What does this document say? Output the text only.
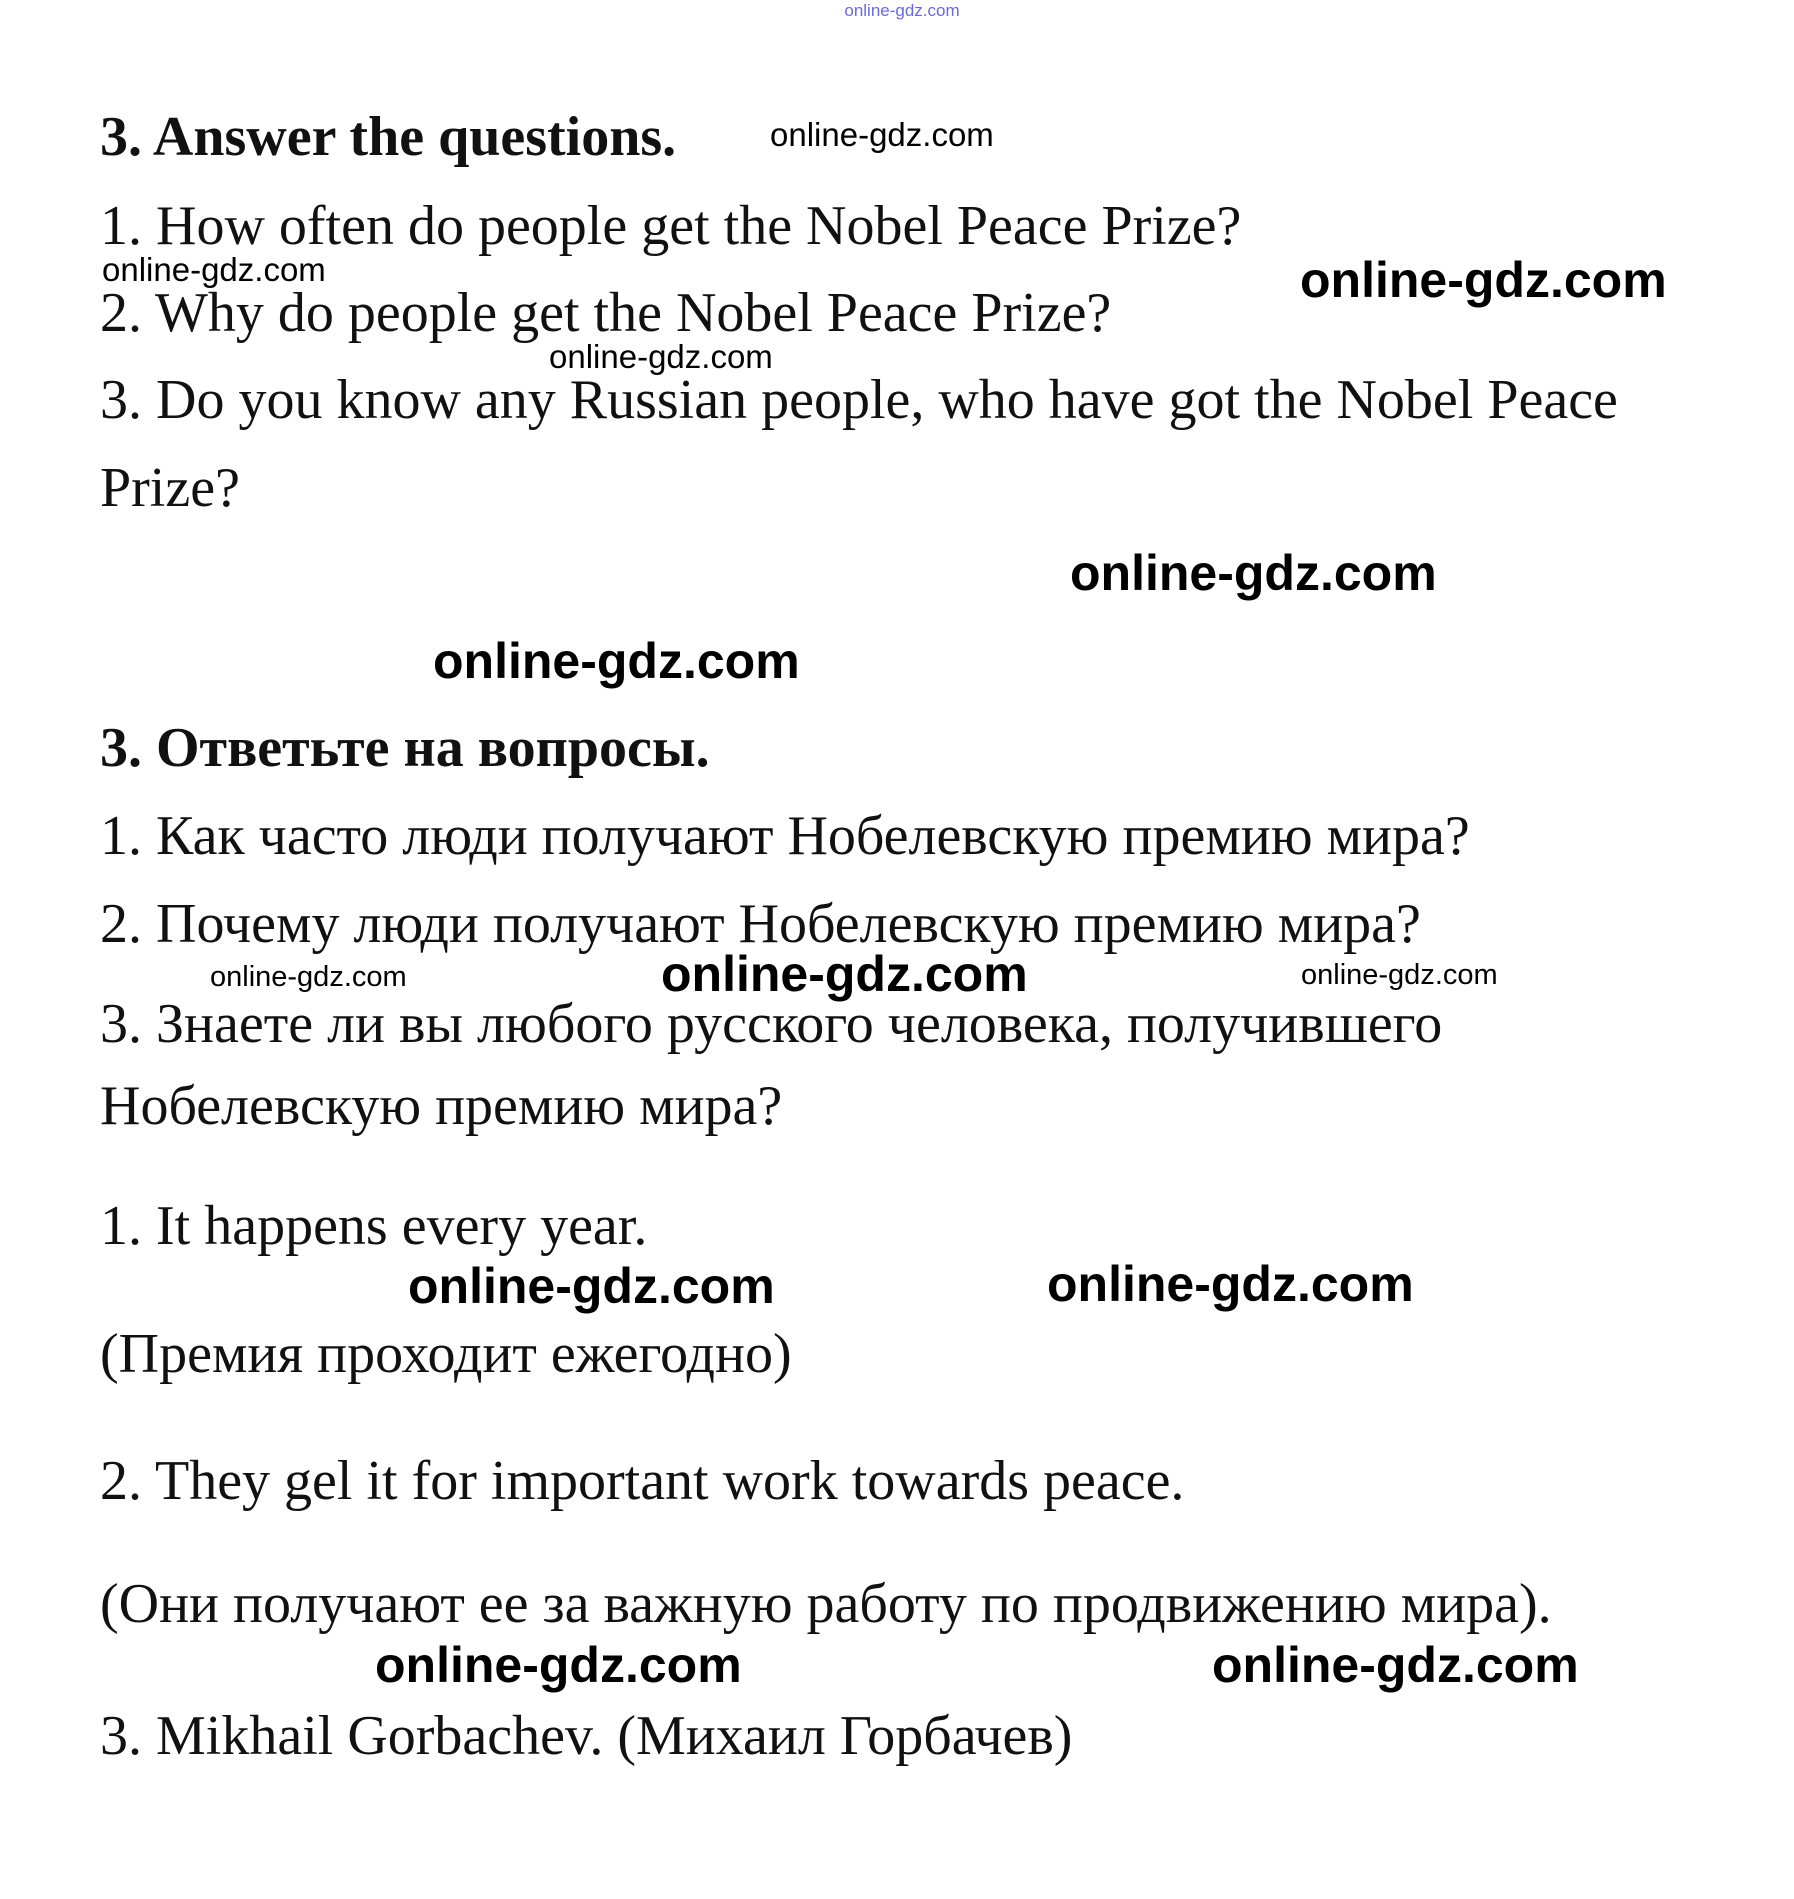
online-gdz.com
3. Answer the questions.
1. How often do people get the Nobel Peace Prize?
2. Why do people get the Nobel Peace Prize?
3. Do you know any Russian people, who have got the Nobel Peace
Prize?
3. Ответьте на вопросы.
1. Как часто люди получают Нобелевскую премию мира?
2. Почему люди получают Нобелевскую премию мира?
3. Знаете ли вы любого русского человека, получившего
Нобелевскую премию мира?
1. It happens every year.
(Премия проходит ежегодно)
2. They gel it for important work towards peace.
(Они получают ее за важную работу по продвижению мира).
3. Mikhail Gorbachev. (Михаил Горбачев)
online-gdz.com
online-gdz.com	online-gdz.com
online-gdz.com
online-gdz.com
online-gdz.com
online-gdz.com	online-gdz.com	online-gdz.com
online-gdz.com	online-gdz.com
online-gdz.com	online-gdz.com
